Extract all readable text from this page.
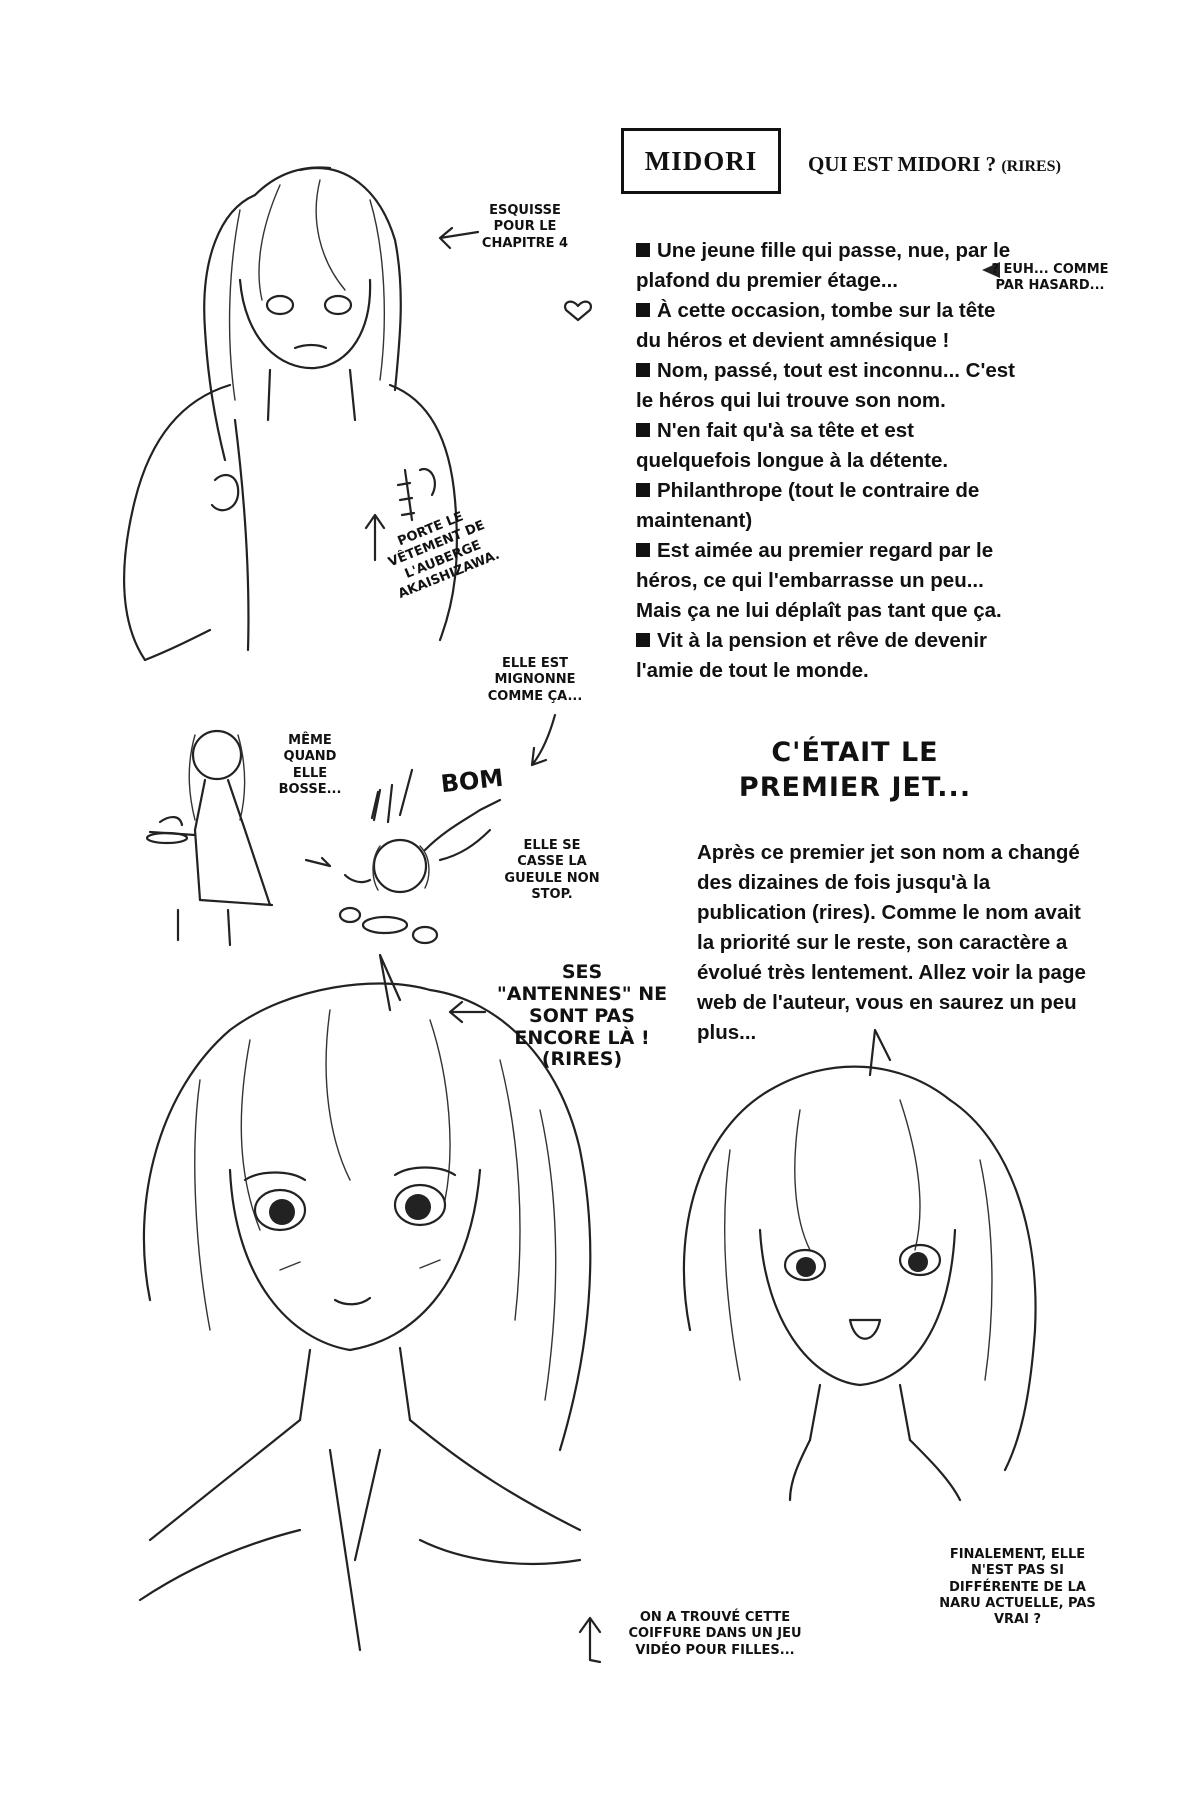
MIDORI QUI EST MIDORI ? (RIRES)

Une jeune fille qui passe, nue, par le plafond du premier étage...

À cette occasion, tombe sur la tête du héros et devient amnésique !

Nom, passé, tout est inconnu... C'est le héros qui lui trouve son nom.

N'en fait qu'à sa tête et est quelquefois longue à la détente.

Philanthrope (tout le contraire de maintenant)

Est aimée au premier regard par le héros, ce qui l'embarrasse un peu... Mais ça ne lui déplaît pas tant que ça.

Vit à la pension et rêve de devenir l'amie de tout le monde.

C'ÉTAIT LE PREMIER JET...
Après ce premier jet son nom a changé des dizaines de fois jusqu'à la publication (rires). Comme le nom avait la priorité sur le reste, son caractère a évolué très lentement. Allez voir la page web de l'auteur, vous en saurez un peu plus...
ESQUISSE POUR LE CHAPITRE 4
? EUH... COMME PAR HASARD...
PORTE LE VÊTEMENT DE L'AUBERGE AKAISHIZAWA.
ELLE EST MIGNONNE COMME ÇA...
MÊME QUAND ELLE BOSSE...	BOM
ELLE SE CASSE LA GUEULE NON STOP.
SES "ANTENNES" NE SONT PAS ENCORE LÀ ! (RIRES)
ON A TROUVÉ CETTE COIFFURE DANS UN JEU VIDÉO POUR FILLES...
FINALEMENT, ELLE N'EST PAS SI DIFFÉRENTE DE LA NARU ACTUELLE, PAS VRAI ?
